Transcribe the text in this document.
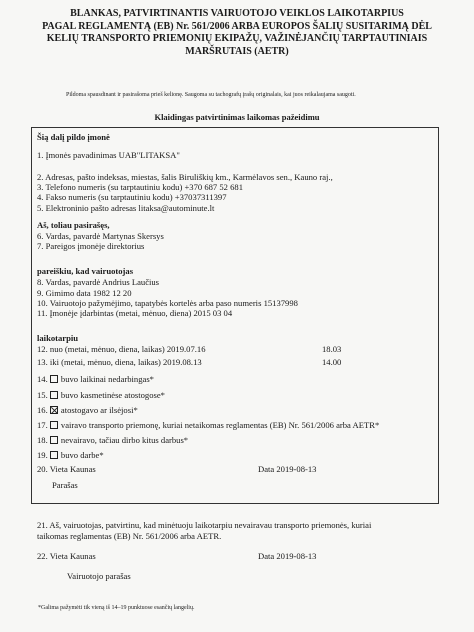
BLANKAS, PATVIRTINANTIS VAIRUOTOJO VEIKLOS LAIKOTARPIUS
PAGAL REGLAMENTĄ (EB) Nr. 561/2006 ARBA EUROPOS ŠALIŲ SUSITARIMĄ DĖL
KELIŲ TRANSPORTO PRIEMONIŲ EKIPAŽŲ, VAŽINĖJANČIŲ TARPTAUTINIAIS
MARŠRUTAIS (AETR)
Pildoma spausdinant ir pasirašoma prieš kelionę. Saugoma su tachografų įrašų originalais, kai juos reikalaujama saugoti.
Klaidingas patvirtinimas laikomas pažeidimu
Šią dalį pildo įmonė
1. Įmonės pavadinimas UAB"LITAKSA"
2. Adresas, pašto indeksas, miestas, šalis Biruliškių km., Karmėlavos sen., Kauno raj.,
3. Telefono numeris (su tarptautiniu kodu) +370 687 52 681
4. Fakso numeris (su tarptautiniu kodu) +37037311397
5. Elektroninio pašto adresas litaksa@autominute.lt
Aš, toliau pasirašęs,
6. Vardas, pavardė Martynas Skersys
7. Pareigos įmonėje direktorius
pareiškiu, kad vairuotojas
8. Vardas, pavardė Andrius Laučius
9. Gimimo data 1982 12 20
10. Vairuotojo pažymėjimo, tapatybės kortelės arba paso numeris 15137998
11. Įmonėje įdarbintas (metai, mėnuo, diena) 2015 03 04
laikotarpiu
12. nuo (metai, mėnuo, diena, laikas) 2019.07.16	18.03
13. iki (metai, mėnuo, diena, laikas) 2019.08.13	14.00
14. buvo laikinai nedarbingas*
15. buvo kasmetinėse atostogose*
16. atostogavo ar ilsėjosi*
17. vairavo transporto priemonę, kuriai netaikomas reglamentas (EB) Nr. 561/2006 arba AETR*
18. nevairavo, tačiau dirbo kitus darbus*
19. buvo darbe*
20. Vieta Kaunas	Data 2019-08-13
Parašas
21. Aš, vairuotojas, patvirtinu, kad minėtuoju laikotarpiu nevairavau transporto priemonės, kuriai
taikomas reglamentas (EB) Nr. 561/2006 arba AETR.
22. Vieta Kaunas	Data 2019-08-13
Vairuotojo parašas
*Galima pažymėti tik vieną iš 14–19 punktuose esančių langelių.
